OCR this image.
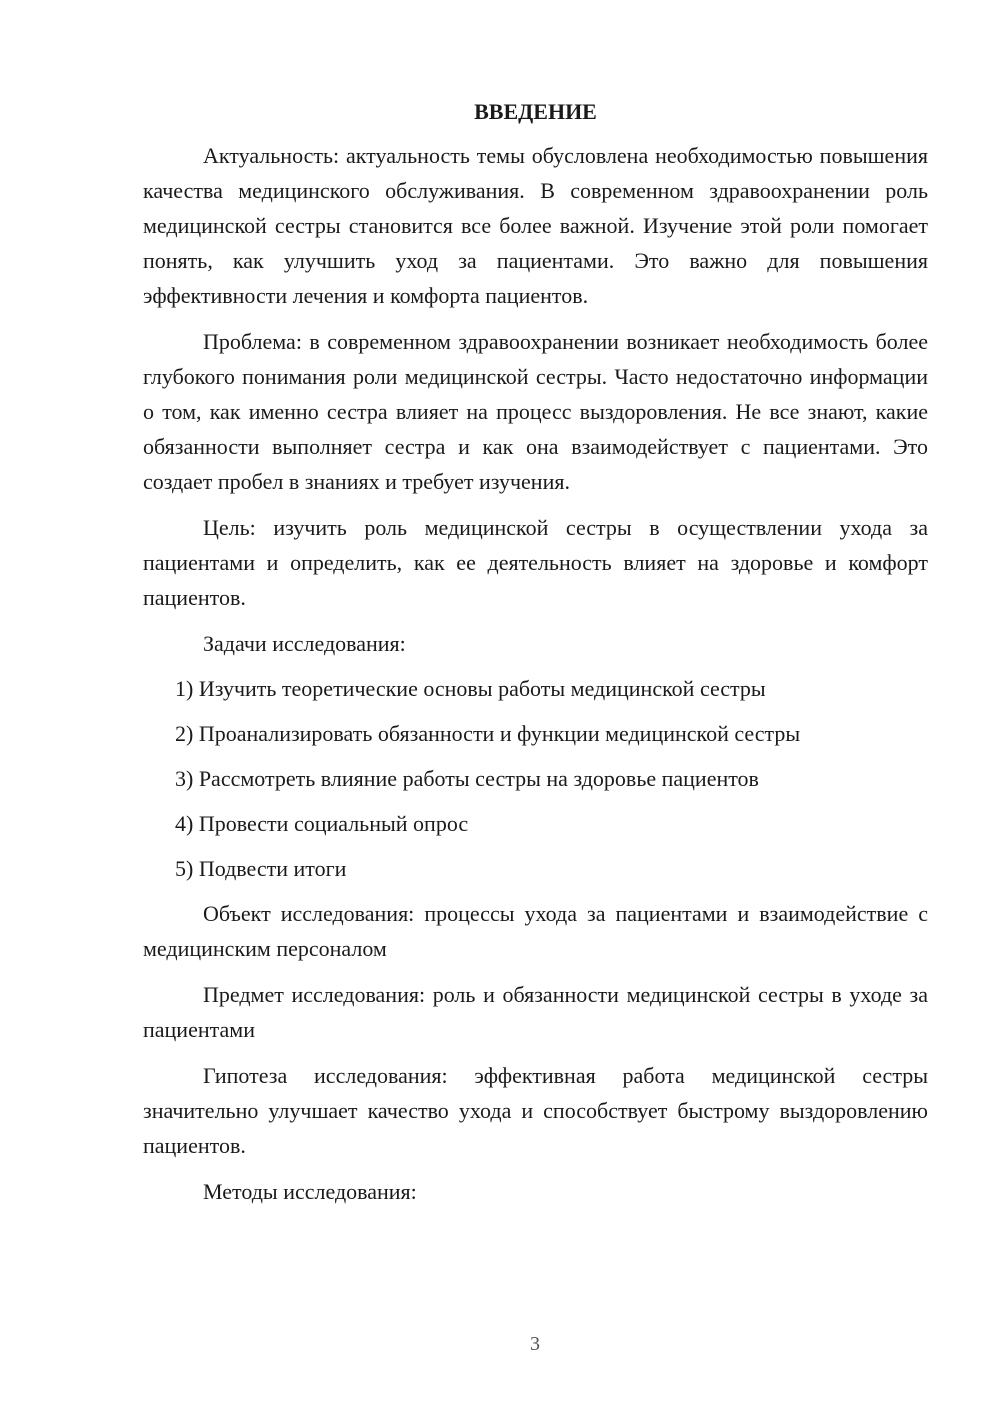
ВВЕДЕНИЕ

Актуальность: актуальность темы обусловлена необходимостью повышения качества медицинского обслуживания. В современном здравоохранении роль медицинской сестры становится все более важной. Изучение этой роли помогает понять, как улучшить уход за пациентами. Это важно для повышения эффективности лечения и комфорта пациентов.

Проблема: в современном здравоохранении возникает необходимость более глубокого понимания роли медицинской сестры. Часто недостаточно информации о том, как именно сестра влияет на процесс выздоровления. Не все знают, какие обязанности выполняет сестра и как она взаимодействует с пациентами. Это создает пробел в знаниях и требует изучения.

Цель: изучить роль медицинской сестры в осуществлении ухода за пациентами и определить, как ее деятельность влияет на здоровье и комфорт пациентов.

Задачи исследования:

1) Изучить теоретические основы работы медицинской сестры
2) Проанализировать обязанности и функции медицинской сестры
3) Рассмотреть влияние работы сестры на здоровье пациентов
4) Провести социальный опрос
5) Подвести итоги

Объект исследования: процессы ухода за пациентами и взаимодействие с медицинским персоналом

Предмет исследования: роль и обязанности медицинской сестры в уходе за пациентами

Гипотеза исследования: эффективная работа медицинской сестры значительно улучшает качество ухода и способствует быстрому выздоровлению пациентов.

Методы исследования:

3
